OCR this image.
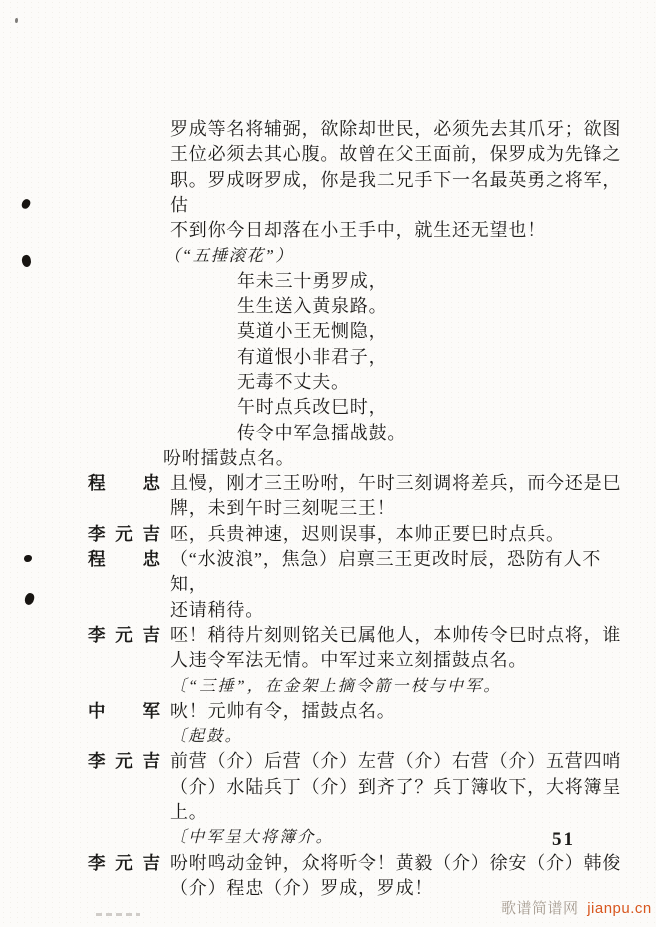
罗成等名将辅弼，欲除却世民，必须先去其爪牙；欲图
王位必须去其心腹。故曾在父王面前，保罗成为先锋之
职。罗成呀罗成，你是我二兄手下一名最英勇之将军，估
不到你今日却落在小王手中，就生还无望也！
（“五捶滚花”）
年未三十勇罗成，
生生送入黄泉路。
莫道小王无恻隐，
有道恨小非君子，
无毒不丈夫。
午时点兵改巳时，
传令中军急擂战鼓。
吩咐擂鼓点名。
程忠 且慢，刚才三王吩咐，午时三刻调将差兵，而今还是巳
牌，未到午时三刻呢三王！
李元吉 呸，兵贵神速，迟则误事，本帅正要巳时点兵。
程忠 （“水波浪”，焦急）启禀三王更改时辰，恐防有人不知，
还请稍待。
李元吉 呸！稍待片刻则铭关已属他人，本帅传令巳时点将，谁
人违令军法无情。中军过来立刻擂鼓点名。
〔“三捶”，在金架上摘令箭一枝与中军。
中军 吙！元帅有令，擂鼓点名。
〔起鼓。
李元吉 前营（介）后营（介）左营（介）右营（介）五营四哨
（介）水陆兵丁（介）到齐了？兵丁簿收下，大将簿呈上。
〔中军呈大将簿介。
李元吉 吩咐鸣动金钟，众将听令！黄毅（介）徐安（介）韩俊
（介）程忠（介）罗成，罗成！
51
歌谱简谱网 jianpu.cn
